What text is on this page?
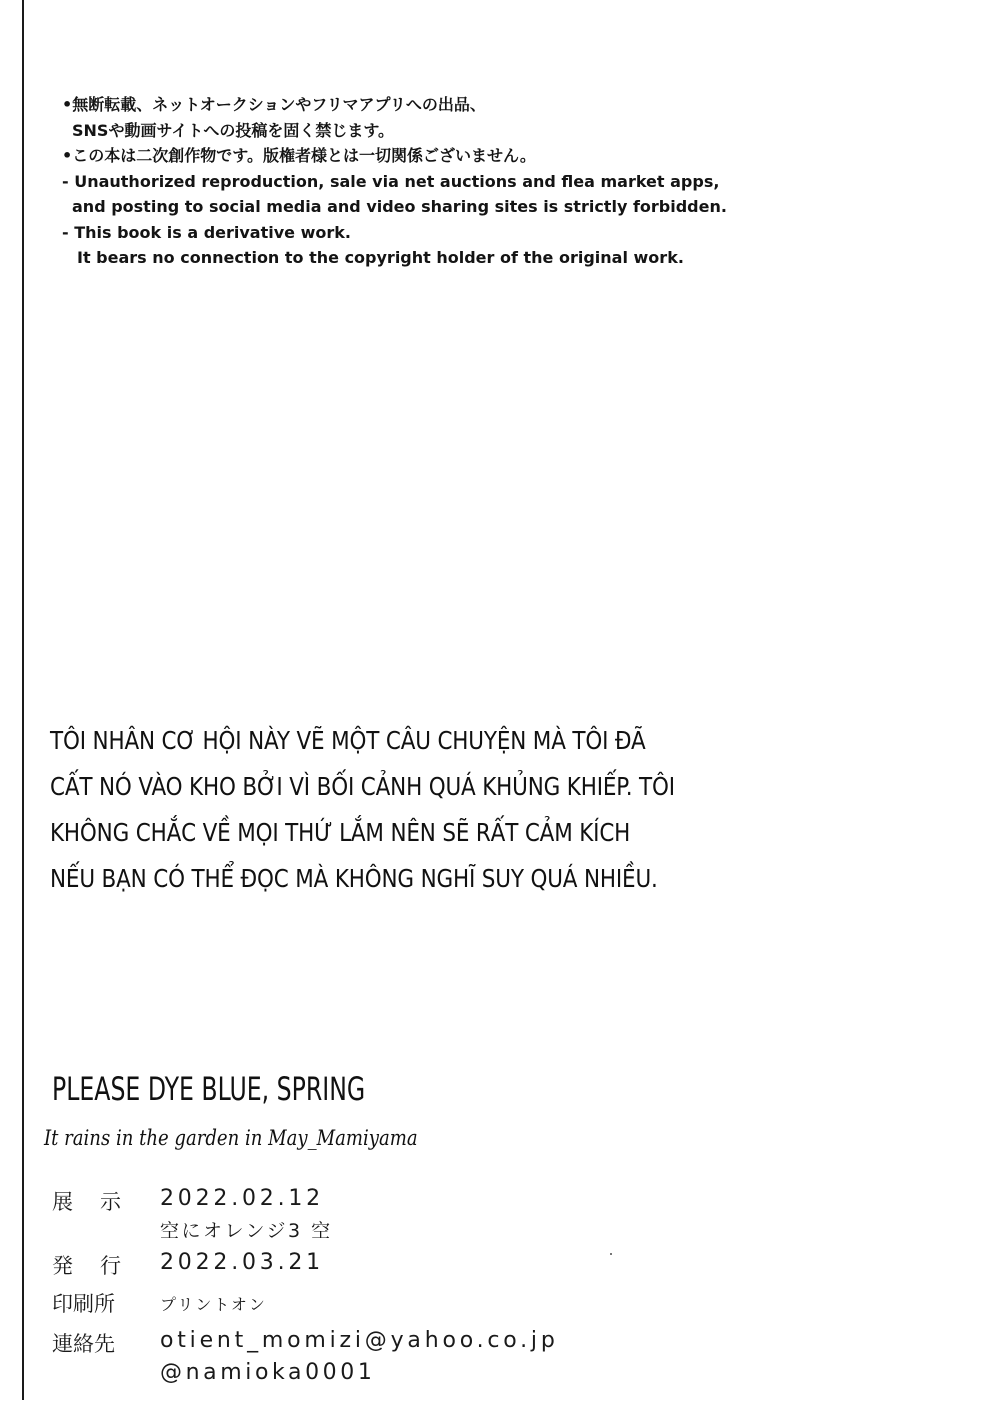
•無断転載、ネットオークションやフリマアプリへの出品、
SNSや動画サイトへの投稿を固く禁じます。
•この本は二次創作物です。版権者様とは一切関係ございません。
- Unauthorized reproduction, sale via net auctions and flea market apps,
and posting to social media and video sharing sites is strictly forbidden.
- This book is a derivative work.
It bears no connection to the copyright holder of the original work.
TÔI NHÂN CƠ HỘI NÀY VẼ MỘT CÂU CHUYỆN MÀ TÔI ĐÃ
CẤT NÓ VÀO KHO BỞI VÌ BỐI CẢNH QUÁ KHỦNG KHIẾP. TÔI
KHÔNG CHẮC VỀ MỌI THỨ LẮM NÊN SẼ RẤT CẢM KÍCH
NẾU BẠN CÓ THỂ ĐỌC MÀ KHÔNG NGHĨ SUY QUÁ NHIỀU.
PLEASE DYE BLUE, SPRING
It rains in the garden in May_Mamiyama
展示 2022.02.12
空にオレンジ3 空
発行 2022.03.21
印刷所	プリントオン
連絡先	otient_momizi@yahoo.co.jp
@namioka0001
